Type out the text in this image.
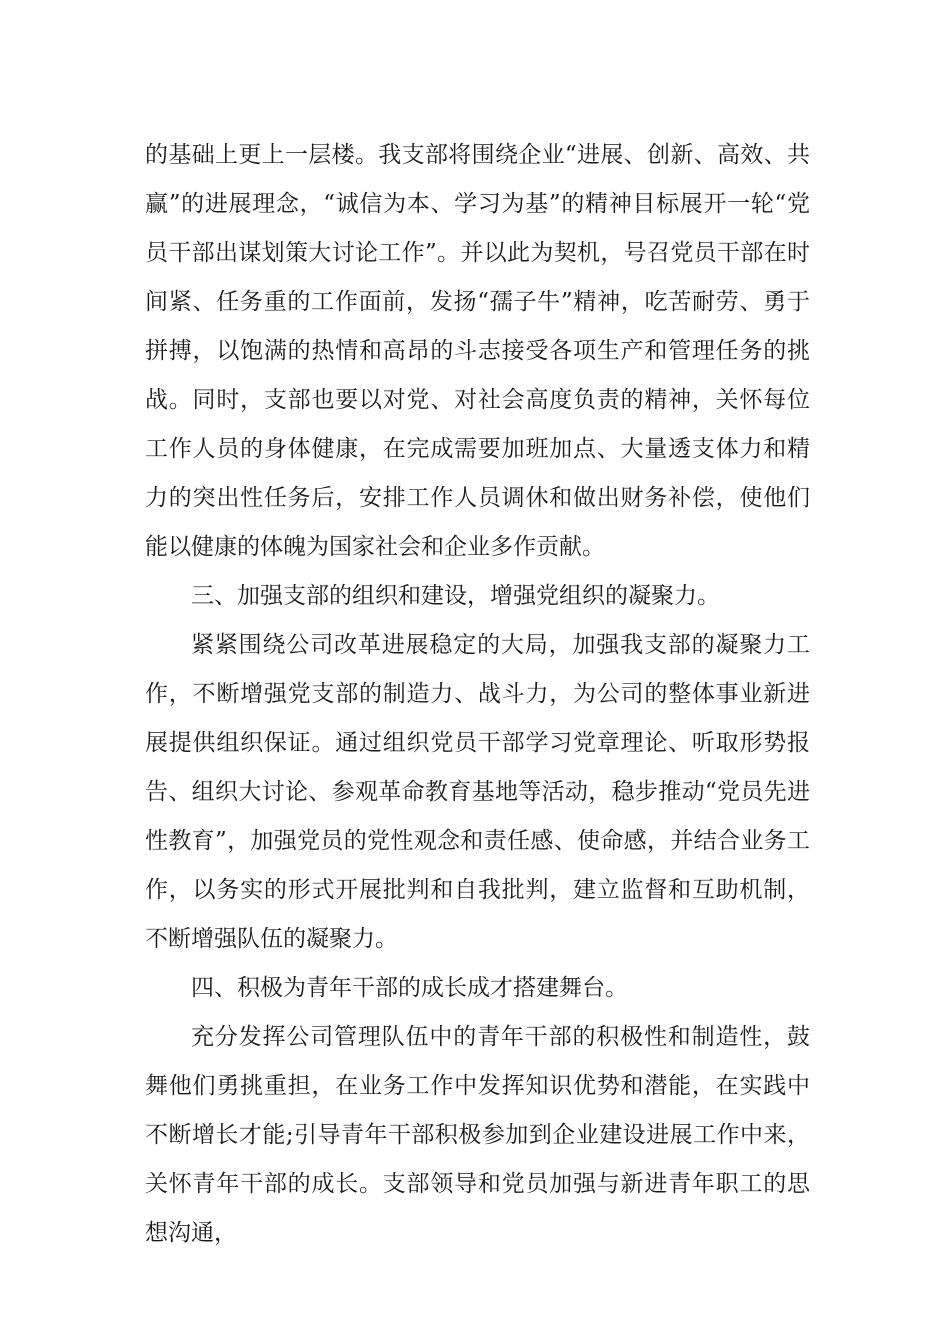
的基础上更上一层楼。我支部将围绕企业“进展、创新、高效、共赢”的进展理念，“诚信为本、学习为基”的精神目标展开一轮“党员干部出谋划策大讨论工作”。并以此为契机，号召党员干部在时间紧、任务重的工作面前，发扬“孺子牛”精神，吃苦耐劳、勇于拼搏，以饱满的热情和高昂的斗志接受各项生产和管理任务的挑战。同时，支部也要以对党、对社会高度负责的精神，关怀每位工作人员的身体健康，在完成需要加班加点、大量透支体力和精力的突出性任务后，安排工作人员调休和做出财务补偿，使他们能以健康的体魄为国家社会和企业多作贡献。

三、加强支部的组织和建设，增强党组织的凝聚力。

紧紧围绕公司改革进展稳定的大局，加强我支部的凝聚力工作，不断增强党支部的制造力、战斗力，为公司的整体事业新进展提供组织保证。通过组织党员干部学习党章理论、听取形势报告、组织大讨论、参观革命教育基地等活动，稳步推动“党员先进性教育”，加强党员的党性观念和责任感、使命感，并结合业务工作，以务实的形式开展批判和自我批判，建立监督和互助机制，不断增强队伍的凝聚力。

四、积极为青年干部的成长成才搭建舞台。

充分发挥公司管理队伍中的青年干部的积极性和制造性，鼓舞他们勇挑重担，在业务工作中发挥知识优势和潜能，在实践中不断增长才能;引导青年干部积极参加到企业建设进展工作中来，关怀青年干部的成长。支部领导和党员加强与新进青年职工的思想沟通，
